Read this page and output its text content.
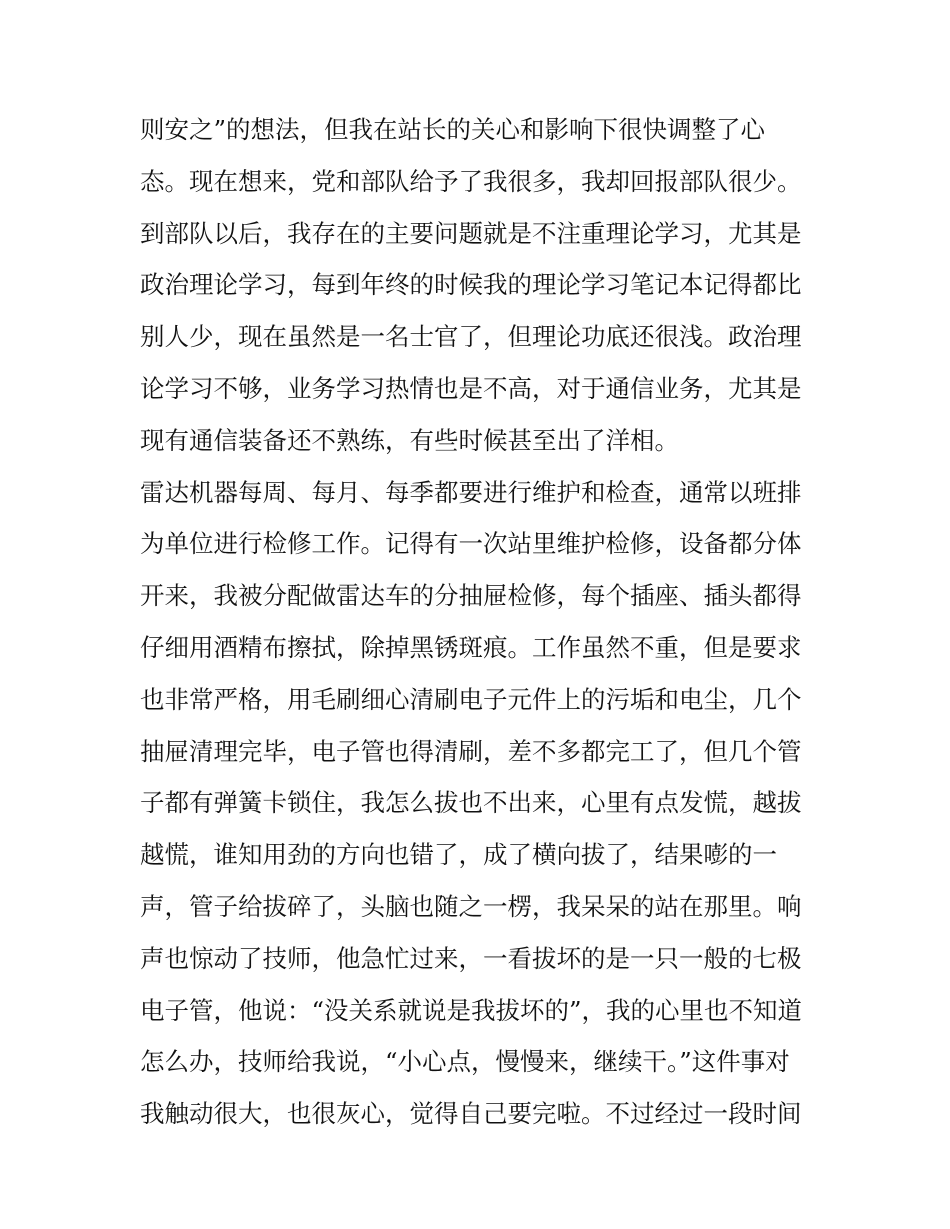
则安之”的想法，但我在站长的关心和影响下很快调整了心
态。现在想来，党和部队给予了我很多，我却回报部队很少。
到部队以后，我存在的主要问题就是不注重理论学习，尤其是
政治理论学习，每到年终的时候我的理论学习笔记本记得都比
别人少，现在虽然是一名士官了，但理论功底还很浅。政治理
论学习不够，业务学习热情也是不高，对于通信业务，尤其是
现有通信装备还不熟练，有些时候甚至出了洋相。
雷达机器每周、每月、每季都要进行维护和检查，通常以班排
为单位进行检修工作。记得有一次站里维护检修，设备都分体
开来，我被分配做雷达车的分抽屉检修，每个插座、插头都得
仔细用酒精布擦拭，除掉黑锈斑痕。工作虽然不重，但是要求
也非常严格，用毛刷细心清刷电子元件上的污垢和电尘，几个
抽屉清理完毕，电子管也得清刷，差不多都完工了，但几个管
子都有弹簧卡锁住，我怎么拔也不出来，心里有点发慌，越拔
越慌，谁知用劲的方向也错了，成了横向拔了，结果嘭的一
声，管子给拔碎了，头脑也随之一楞，我呆呆的站在那里。响
声也惊动了技师，他急忙过来，一看拔坏的是一只一般的七极
电子管，他说：“没关系就说是我拔坏的”，我的心里也不知道
怎么办，技师给我说，“小心点，慢慢来，继续干。”这件事对
我触动很大，也很灰心，觉得自己要完啦。不过经过一段时间
